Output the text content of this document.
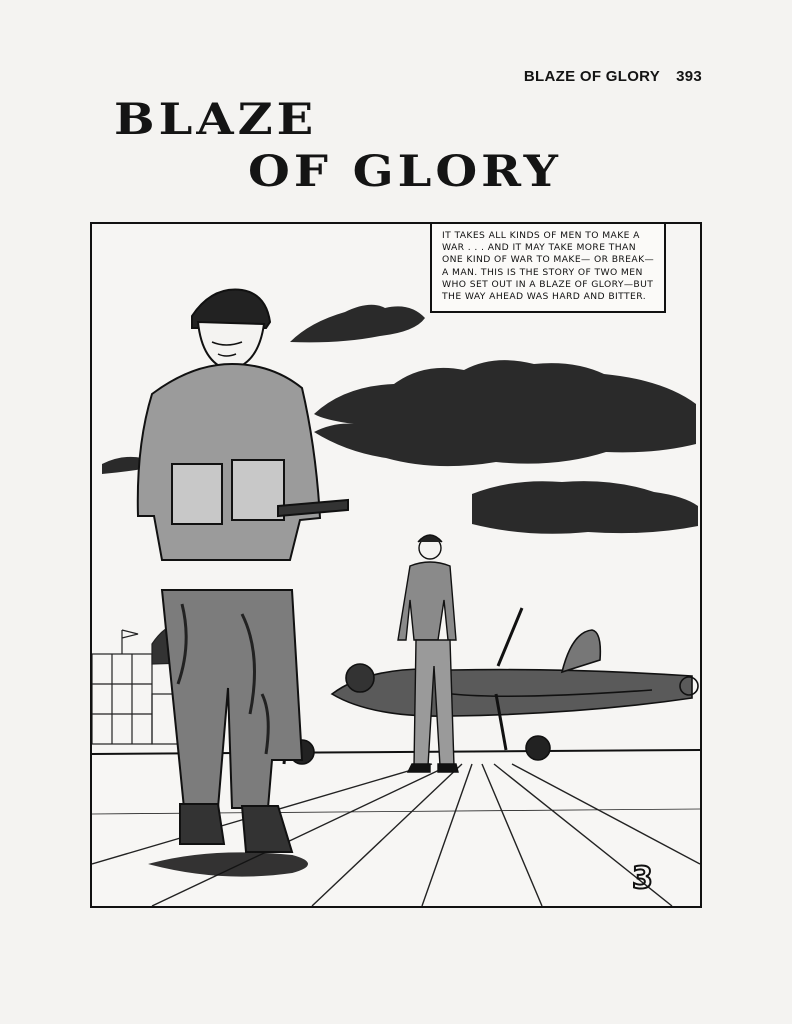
BLAZE OF GLORY 393
BLAZE
OF GLORY
3
IT TAKES ALL KINDS OF MEN TO MAKE A WAR . . . AND IT MAY TAKE MORE THAN ONE KIND OF WAR TO MAKE— OR BREAK— A MAN. THIS IS THE STORY OF TWO MEN WHO SET OUT IN A BLAZE OF GLORY—BUT THE WAY AHEAD WAS HARD AND BITTER.
